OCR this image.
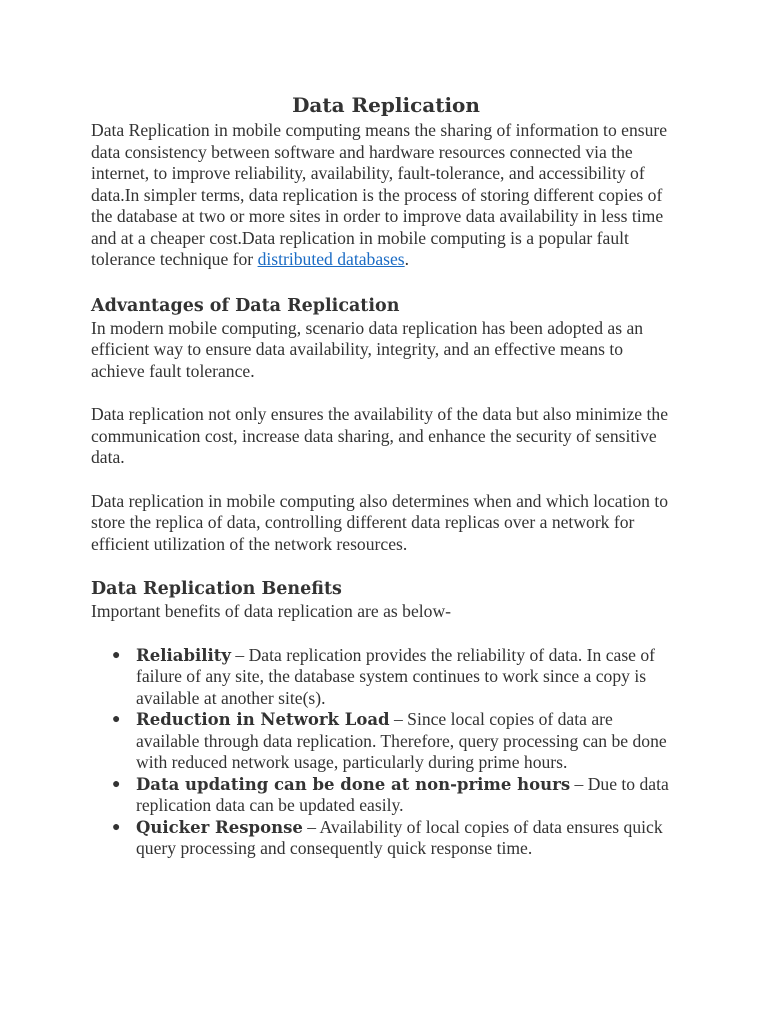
Data Replication

Data Replication in mobile computing means the sharing of information to ensure data consistency between software and hardware resources connected via the internet, to improve reliability, availability, fault-tolerance, and accessibility of data.In simpler terms, data replication is the process of storing different copies of the database at two or more sites in order to improve data availability in less time and at a cheaper cost.Data replication in mobile computing is a popular fault tolerance technique for distributed databases.

Advantages of Data Replication

In modern mobile computing, scenario data replication has been adopted as an efficient way to ensure data availability, integrity, and an effective means to achieve fault tolerance.

Data replication not only ensures the availability of the data but also minimize the communication cost, increase data sharing, and enhance the security of sensitive data.

Data replication in mobile computing also determines when and which location to store the replica of data, controlling different data replicas over a network for efficient utilization of the network resources.

Data Replication Benefits

Important benefits of data replication are as below-

● Reliability – Data replication provides the reliability of data. In case of failure of any site, the database system continues to work since a copy is available at another site(s).
● Reduction in Network Load – Since local copies of data are available through data replication. Therefore, query processing can be done with reduced network usage, particularly during prime hours.
● Data updating can be done at non-prime hours – Due to data replication data can be updated easily.
● Quicker Response – Availability of local copies of data ensures quick query processing and consequently quick response time.
